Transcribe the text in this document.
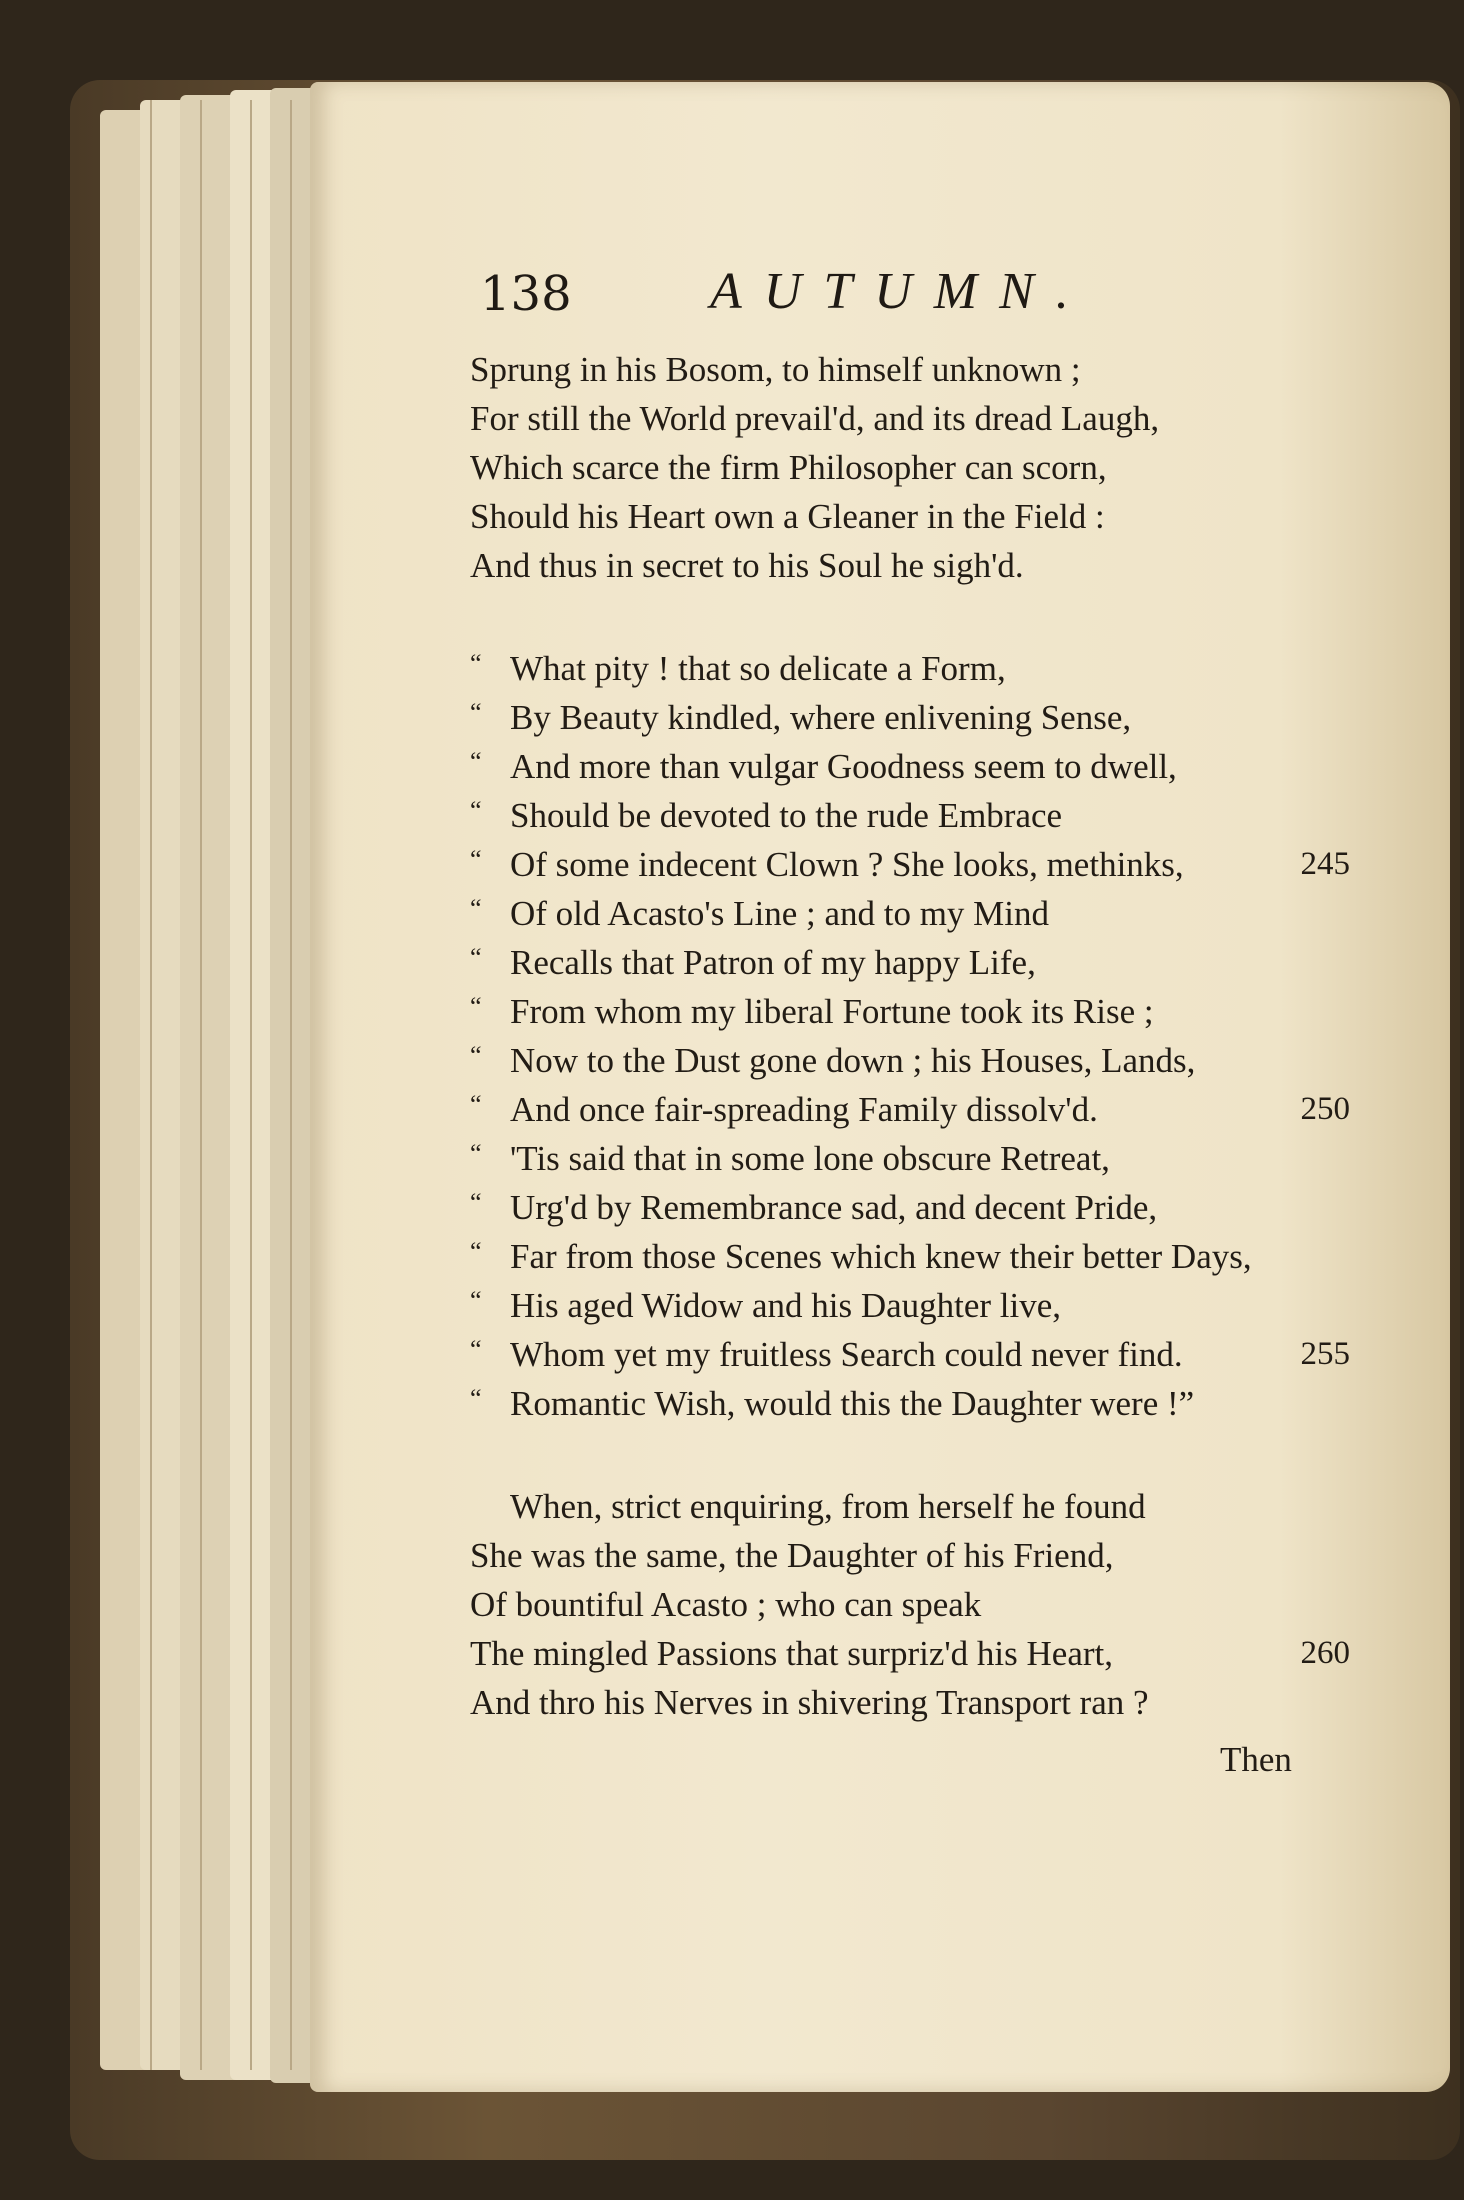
138	AUTUMN.
Sprung in his Bosom, to himself unknown ;
For still the World prevail'd, and its dread Laugh,
Which scarce the firm Philosopher can scorn,
Should his Heart own a Gleaner in the Field :
And thus in secret to his Soul he sigh'd.
“ What pity ! that so delicate a Form,
“ By Beauty kindled, where enlivening Sense,
“ And more than vulgar Goodness seem to dwell,
“ Should be devoted to the rude Embrace
“ Of some indecent Clown ? She looks, methinks,	245
“ Of old Acasto's Line ; and to my Mind
“ Recalls that Patron of my happy Life,
“ From whom my liberal Fortune took its Rise ;
“ Now to the Dust gone down ; his Houses, Lands,
“ And once fair-spreading Family dissolv'd.	250
“ 'Tis said that in some lone obscure Retreat,
“ Urg'd by Remembrance sad, and decent Pride,
“ Far from those Scenes which knew their better Days,
“ His aged Widow and his Daughter live,
“ Whom yet my fruitless Search could never find.	255
“ Romantic Wish, would this the Daughter were !”
When, strict enquiring, from herself he found
She was the same, the Daughter of his Friend,
Of bountiful Acasto ; who can speak
The mingled Passions that surpriz'd his Heart,	260
And thro his Nerves in shivering Transport ran ?
Then
